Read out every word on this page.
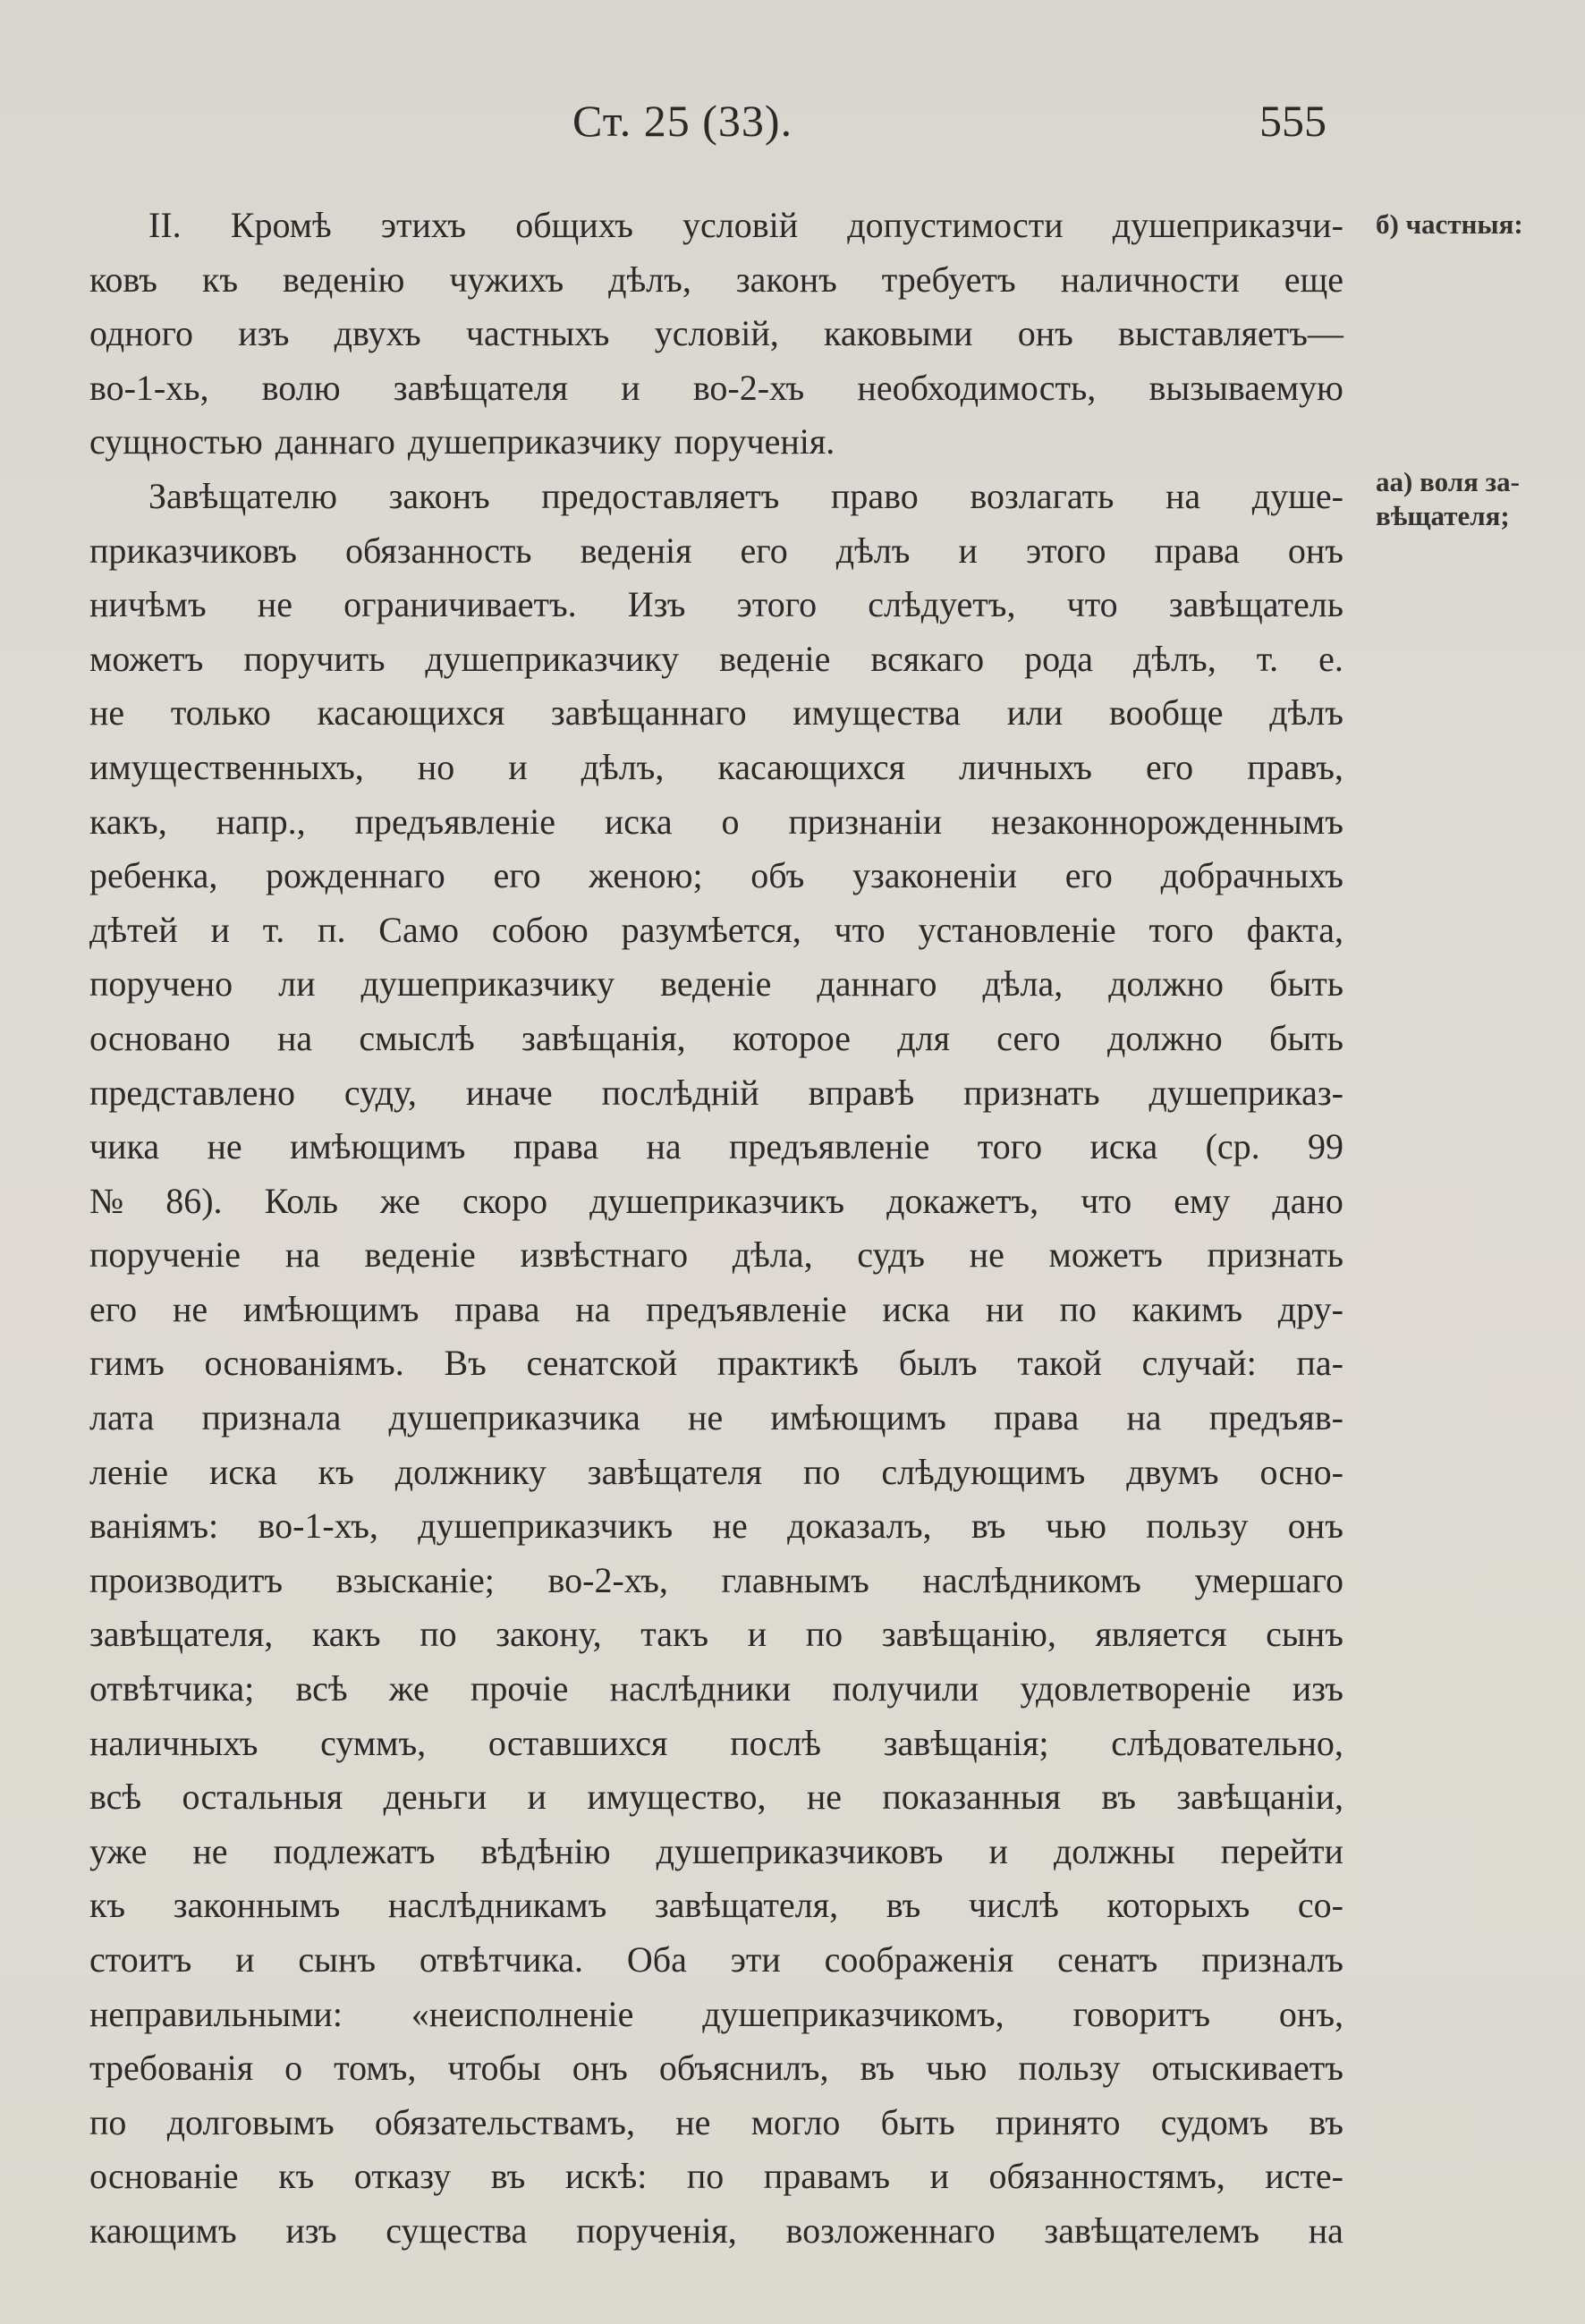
Ст. 25 (33).	555
II. Кромѣ этихъ общихъ условій допустимости душеприказчи-
ковъ къ веденію чужихъ дѣлъ, законъ требуетъ наличности еще
одного изъ двухъ частныхъ условій, каковыми онъ выставляетъ—
во-1-хь, волю завѣщателя и во-2-хъ необходимость, вызываемую
сущностью даннаго душеприказчику порученія.
Завѣщателю законъ предоставляетъ право возлагать на душе-
приказчиковъ обязанность веденія его дѣлъ и этого права онъ
ничѣмъ не ограничиваетъ. Изъ этого слѣдуетъ, что завѣщатель
можетъ поручить душеприказчику веденіе всякаго рода дѣлъ, т. е.
не только касающихся завѣщаннаго имущества или вообще дѣлъ
имущественныхъ, но и дѣлъ, касающихся личныхъ его правъ,
какъ, напр., предъявленіе иска о признаніи незаконнорожденнымъ
ребенка, рожденнаго его женою; объ узаконеніи его добрачныхъ
дѣтей и т. п. Само собою разумѣется, что установленіе того факта,
поручено ли душеприказчику веденіе даннаго дѣла, должно быть
основано на смыслѣ завѣщанія, которое для сего должно быть
представлено суду, иначе послѣдній вправѣ признать душеприказ-
чика не имѣющимъ права на предъявленіе того иска (ср. 99
№ 86). Коль же скоро душеприказчикъ докажетъ, что ему дано
порученіе на веденіе извѣстнаго дѣла, судъ не можетъ признать
его не имѣющимъ права на предъявленіе иска ни по какимъ дру-
гимъ основаніямъ. Въ сенатской практикѣ былъ такой случай: па-
лата признала душеприказчика не имѣющимъ права на предъяв-
леніе иска къ должнику завѣщателя по слѣдующимъ двумъ осно-
ваніямъ: во-1-хъ, душеприказчикъ не доказалъ, въ чью пользу онъ
производитъ взысканіе; во-2-хъ, главнымъ наслѣдникомъ умершаго
завѣщателя, какъ по закону, такъ и по завѣщанію, является сынъ
отвѣтчика; всѣ же прочіе наслѣдники получили удовлетвореніе изъ
наличныхъ суммъ, оставшихся послѣ завѣщанія; слѣдовательно,
всѣ остальныя деньги и имущество, не показанныя въ завѣщаніи,
уже не подлежатъ вѣдѣнію душеприказчиковъ и должны перейти
къ законнымъ наслѣдникамъ завѣщателя, въ числѣ которыхъ со-
стоитъ и сынъ отвѣтчика. Оба эти соображенія сенатъ призналъ
неправильными: «неисполненіе душеприказчикомъ, говоритъ онъ,
требованія о томъ, чтобы онъ объяснилъ, въ чью пользу отыскиваетъ
по долговымъ обязательствамъ, не могло быть принято судомъ въ
основаніе къ отказу въ искѣ: по правамъ и обязанностямъ, исте-
кающимъ изъ существа порученія, возложеннаго завѣщателемъ на
б) частныя:
аа) воля за-
вѣщателя;
